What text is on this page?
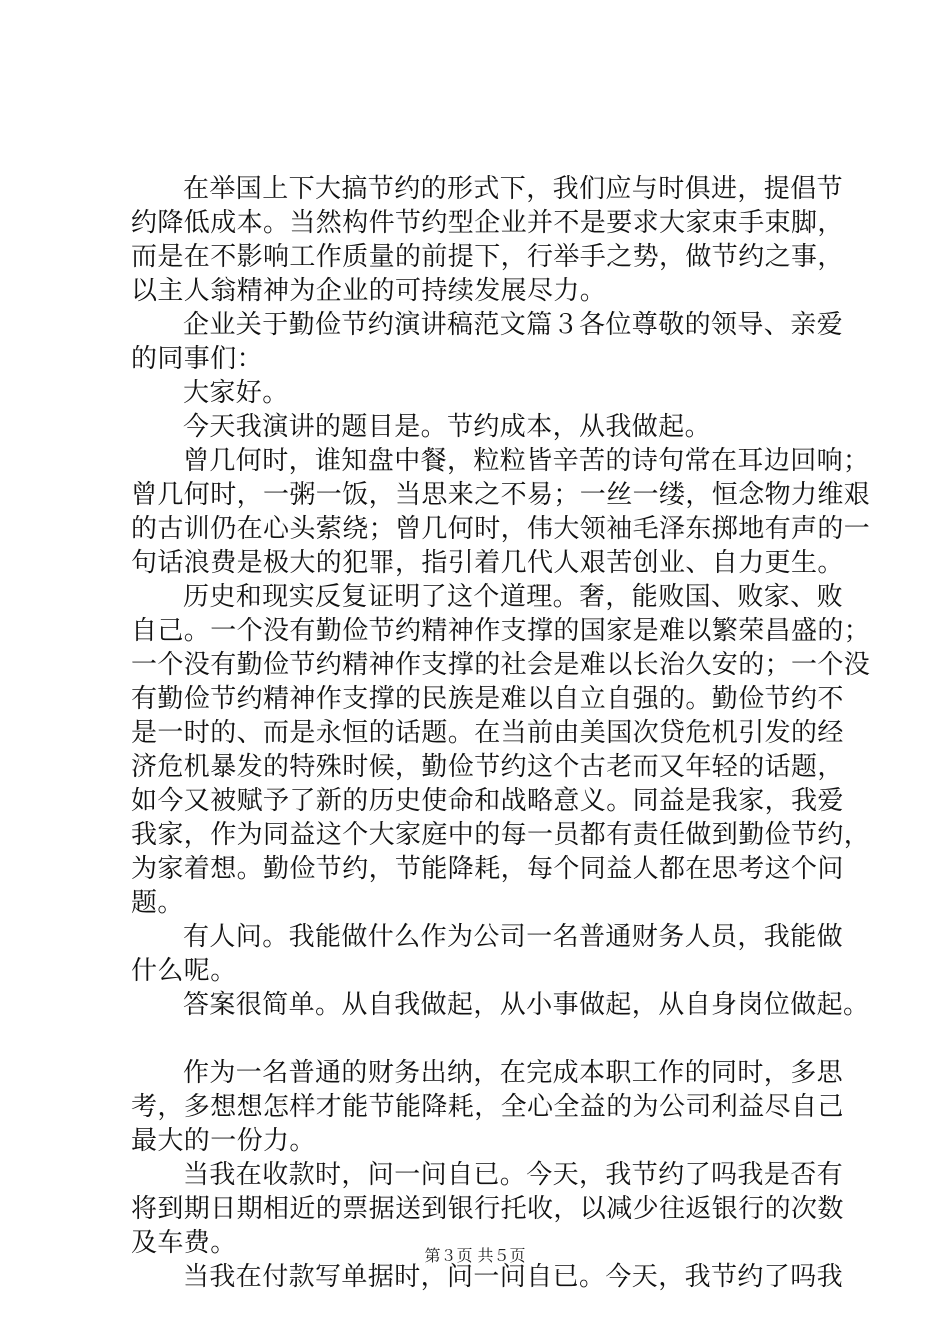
在举国上下大搞节约的形式下，我们应与时俱进，提倡节
约降低成本。当然构件节约型企业并不是要求大家束手束脚，
而是在不影响工作质量的前提下，行举手之势，做节约之事，
以主人翁精神为企业的可持续发展尽力。
企业关于勤俭节约演讲稿范文篇３各位尊敬的领导、亲爱
的同事们：
大家好。
今天我演讲的题目是。节约成本，从我做起。
曾几何时，谁知盘中餐，粒粒皆辛苦的诗句常在耳边回响；
曾几何时，一粥一饭，当思来之不易；一丝一缕，恒念物力维艰
的古训仍在心头萦绕；曾几何时，伟大领袖毛泽东掷地有声的一
句话浪费是极大的犯罪，指引着几代人艰苦创业、自力更生。
历史和现实反复证明了这个道理。奢，能败国、败家、败
自己。一个没有勤俭节约精神作支撑的国家是难以繁荣昌盛的；
一个没有勤俭节约精神作支撑的社会是难以长治久安的；一个没
有勤俭节约精神作支撑的民族是难以自立自强的。勤俭节约不
是一时的、而是永恒的话题。在当前由美国次贷危机引发的经
济危机暴发的特殊时候，勤俭节约这个古老而又年轻的话题，
如今又被赋予了新的历史使命和战略意义。同益是我家，我爱
我家，作为同益这个大家庭中的每一员都有责任做到勤俭节约，
为家着想。勤俭节约，节能降耗，每个同益人都在思考这个问
题。
有人问。我能做什么作为公司一名普通财务人员，我能做
什么呢。
答案很简单。从自我做起，从小事做起，从自身岗位做起。
作为一名普通的财务出纳，在完成本职工作的同时，多思
考，多想想怎样才能节能降耗，全心全益的为公司利益尽自己
最大的一份力。
当我在收款时，问一问自已。今天，我节约了吗我是否有
将到期日期相近的票据送到银行托收，以减少往返银行的次数
及车费。
当我在付款写单据时，问一问自已。今天，我节约了吗我
第３页 共５页
